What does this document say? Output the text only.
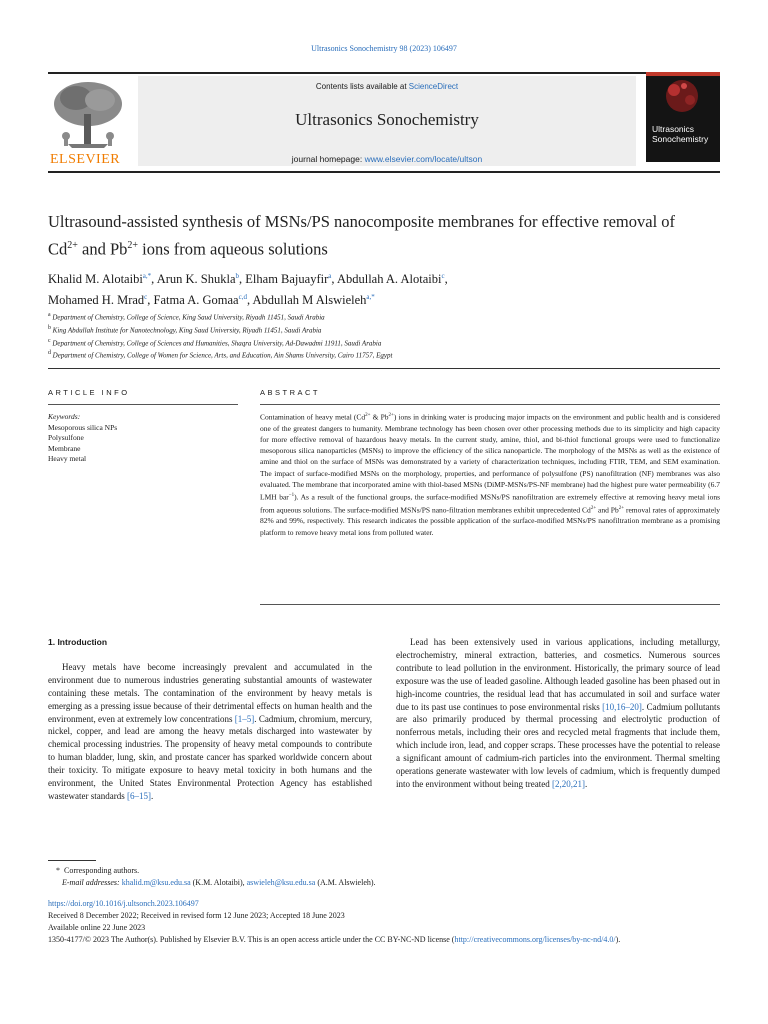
Ultrasonics Sonochemistry 98 (2023) 106497
ELSEVIER
Contents lists available at ScienceDirect
Ultrasonics Sonochemistry
journal homepage: www.elsevier.com/locate/ultson
Ultrasonics
Sonochemistry
Ultrasound-assisted synthesis of MSNs/PS nanocomposite membranes for effective removal of $Cd^{2+}$ and $Pb^{2+}$ ions from aqueous solutions
Khalid M. Alotaibi$^{a,*}$, Arun K. Shukla$^b$, Elham Bajuayfir$^a$, Abdullah A. Alotaibi$^c$,
Mohamed H. Mrad$^c$, Fatma A. Gomaa$^{c,d}$, Abdullah M Alswieleh$^{a,*}$
$^a$ Department of Chemistry, College of Science, King Saud University, Riyadh 11451, Saudi Arabia
$^b$ King Abdullah Institute for Nanotechnology, King Saud University, Riyadh 11451, Saudi Arabia
$^c$ Department of Chemistry, College of Sciences and Humanities, Shaqra University, Ad-Dawadmi 11911, Saudi Arabia
$^d$ Department of Chemistry, College of Women for Science, Arts, and Education, Ain Shams University, Cairo 11757, Egypt
ARTICLE INFO	ABSTRACT
Keywords:
Mesoporous silica NPs
Polysulfone
Membrane
Heavy metal
Contamination of heavy metal ($Cd^{2+}$ & $Pb^{2+}$) ions in drinking water is producing major impacts on the environment and public health and is considered one of the greatest dangers to humanity. Membrane technology has been chosen over other processing methods due to its simplicity and high capacity for more effective removal of hazardous heavy metals. In the current study, amine, thiol, and bi-thiol functional groups were used to functionalize mesoporous silica nanoparticles (MSNs) to improve the efficiency of the silica nanoparticle. The morphology of the MSNs as well as the existence of amine and thiol on the surface of MSNs was demonstrated by a variety of characterization techniques, including FTIR, TEM, and SEM examination. The impact of surface-modified MSNs on the morphology, properties, and performance of polysulfone (PS) nanofiltration (NF) membranes was also evaluated. The membrane that incorporated amine with thiol-based MSNs (DiMP-MSNs/PS-NF membrane) had the highest pure water permeability (6.7 LMH bar$^{-1}$). As a result of the functional groups, the surface-modified MSNs/PS nanofiltration are extremely effective at removing heavy metal ions from aqueous solutions. The surface-modified MSNs/PS nano-filtration membranes exhibit unprecedented $Cd^{2+}$ and $Pb^{2+}$ removal rates of approximately 82% and 99%, respectively. This research indicates the possible application of the surface-modified MSNs/PS nanofiltration membrane as a promising platform to remove heavy metal ions from polluted water.
1. Introduction

Heavy metals have become increasingly prevalent and accumulated in the environment due to numerous industries generating substantial amounts of wastewater containing these metals. The contamination of the environment by heavy metals is emerging as a pressing issue because of their detrimental effects on human health and the environment, even at extremely low concentrations [1–5]. Cadmium, chromium, mercury, nickel, copper, and lead are among the heavy metals discharged into wastewater by chemical processing industries. The propensity of heavy metal compounds to contribute to human bladder, lung, skin, and prostate cancer has sparked worldwide concern about their toxicity. To mitigate exposure to heavy metal toxicity in both humans and the environment, the United States Environmental Protection Agency has established wastewater standards [6–15].

Lead has been extensively used in various applications, including metallurgy, electrochemistry, mineral extraction, batteries, and cosmetics. Numerous sources contribute to lead pollution in the environment. Historically, the primary source of lead exposure was the use of leaded gasoline. Although leaded gasoline has been phased out in high-income countries, the residual lead that has accumulated in soil and surface water due to its past use continues to pose environmental risks [10,16–20]. Cadmium pollutants are also primarily produced by thermal processing and electrolytic production of nonferrous metals, including their ores and recycled metal fragments that include them, which include iron, lead, and copper scraps. These processes have the potential to release a significant amount of cadmium-rich particles into the environment. Thermal smelting operations generate wastewater with low levels of cadmium, which is frequently dumped into the environment without being treated [2,20,21].

* Corresponding authors.
E-mail addresses: khalid.m@ksu.edu.sa (K.M. Alotaibi), aswieleh@ksu.edu.sa (A.M. Alswieleh).
https://doi.org/10.1016/j.ultsonch.2023.106497
Received 8 December 2022; Received in revised form 12 June 2023; Accepted 18 June 2023
Available online 22 June 2023
1350-4177/© 2023 The Author(s). Published by Elsevier B.V. This is an open access article under the CC BY-NC-ND license (http://creativecommons.org/licenses/by-nc-nd/4.0/).
